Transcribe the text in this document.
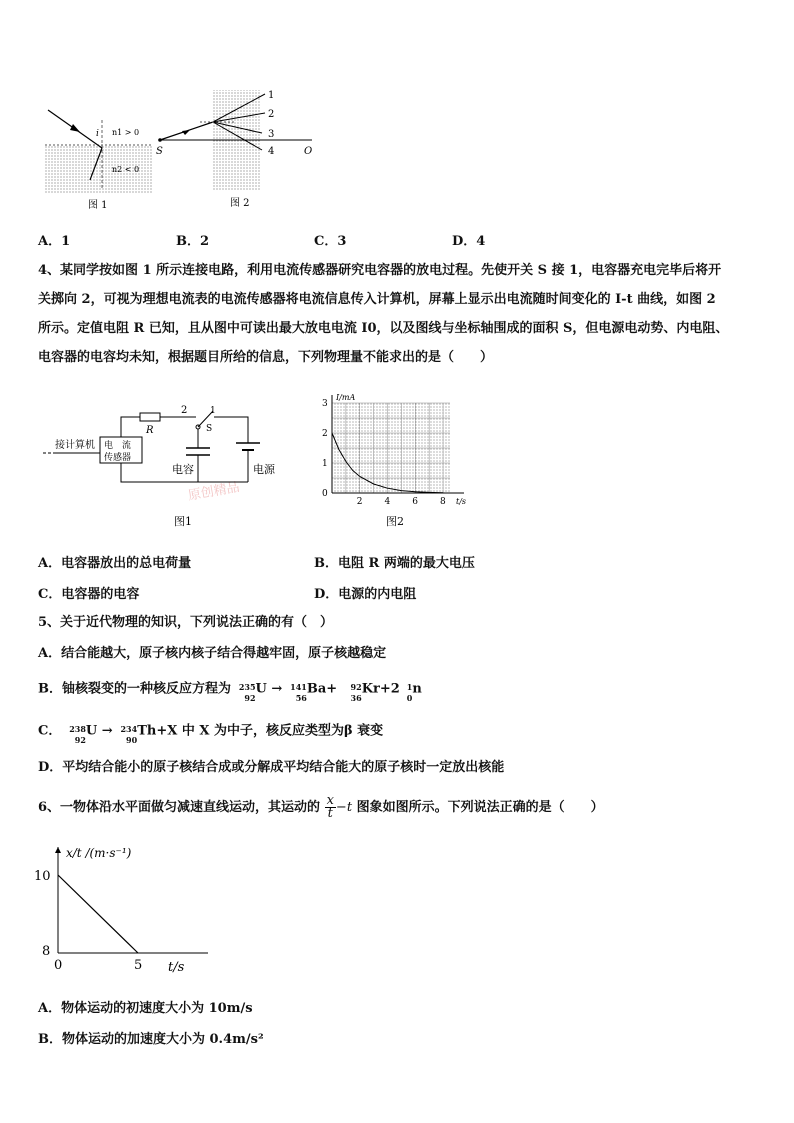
i n1 > 0
n2 < 0
图 1
1
2
3
4
S	O
图 2
A．1	B．2	C．3	D．4
4、某同学按如图 1 所示连接电路，利用电流传感器研究电容器的放电过程。先使开关 S 接 1，电容器充电完毕后将开
关掷向 2，可视为理想电流表的电流传感器将电流信息传入计算机，屏幕上显示出电流随时间变化的 I-t 曲线，如图 2
所示。定值电阻 R 已知，且从图中可读出最大放电电流 I0，以及图线与坐标轴围成的面积 S，但电源电动势、内电阻、
电容器的电容均未知，根据题目所给的信息，下列物理量不能求出的是（　　）
原创精品
接计算机 电　流
传感器
R
2	1
S
电容	电源
图1
2 4 6 8
0
1
2
3
I/mA
t/s
图2
A．电容器放出的总电荷量	B．电阻 R 两端的最大电压
C．电容器的电容	D．电源的内电阻
5、关于近代物理的知识，下列说法正确的有（　）
A．结合能越大，原子核内核子结合得越牢固，原子核越稳定
B．铀核裂变的一种核反应方程为 235
92
U → 141
56
Ba+ 92
36
Kr+2 1
0
n
C． 238
92
U → 234
90
Th+X 中 X 为中子，核反应类型为β 衰变
D．平均结合能小的原子核结合成或分解成平均结合能大的原子核时一定放出核能
6、一物体沿水平面做匀减速直线运动，其运动的 $\frac{x}{t} -t$ 图象如图所示。下列说法正确的是（　　）
10
8
0	5
x/t /(m·s⁻¹)
t/s
A．物体运动的初速度大小为 10m/s
B．物体运动的加速度大小为 0.4m/s²
